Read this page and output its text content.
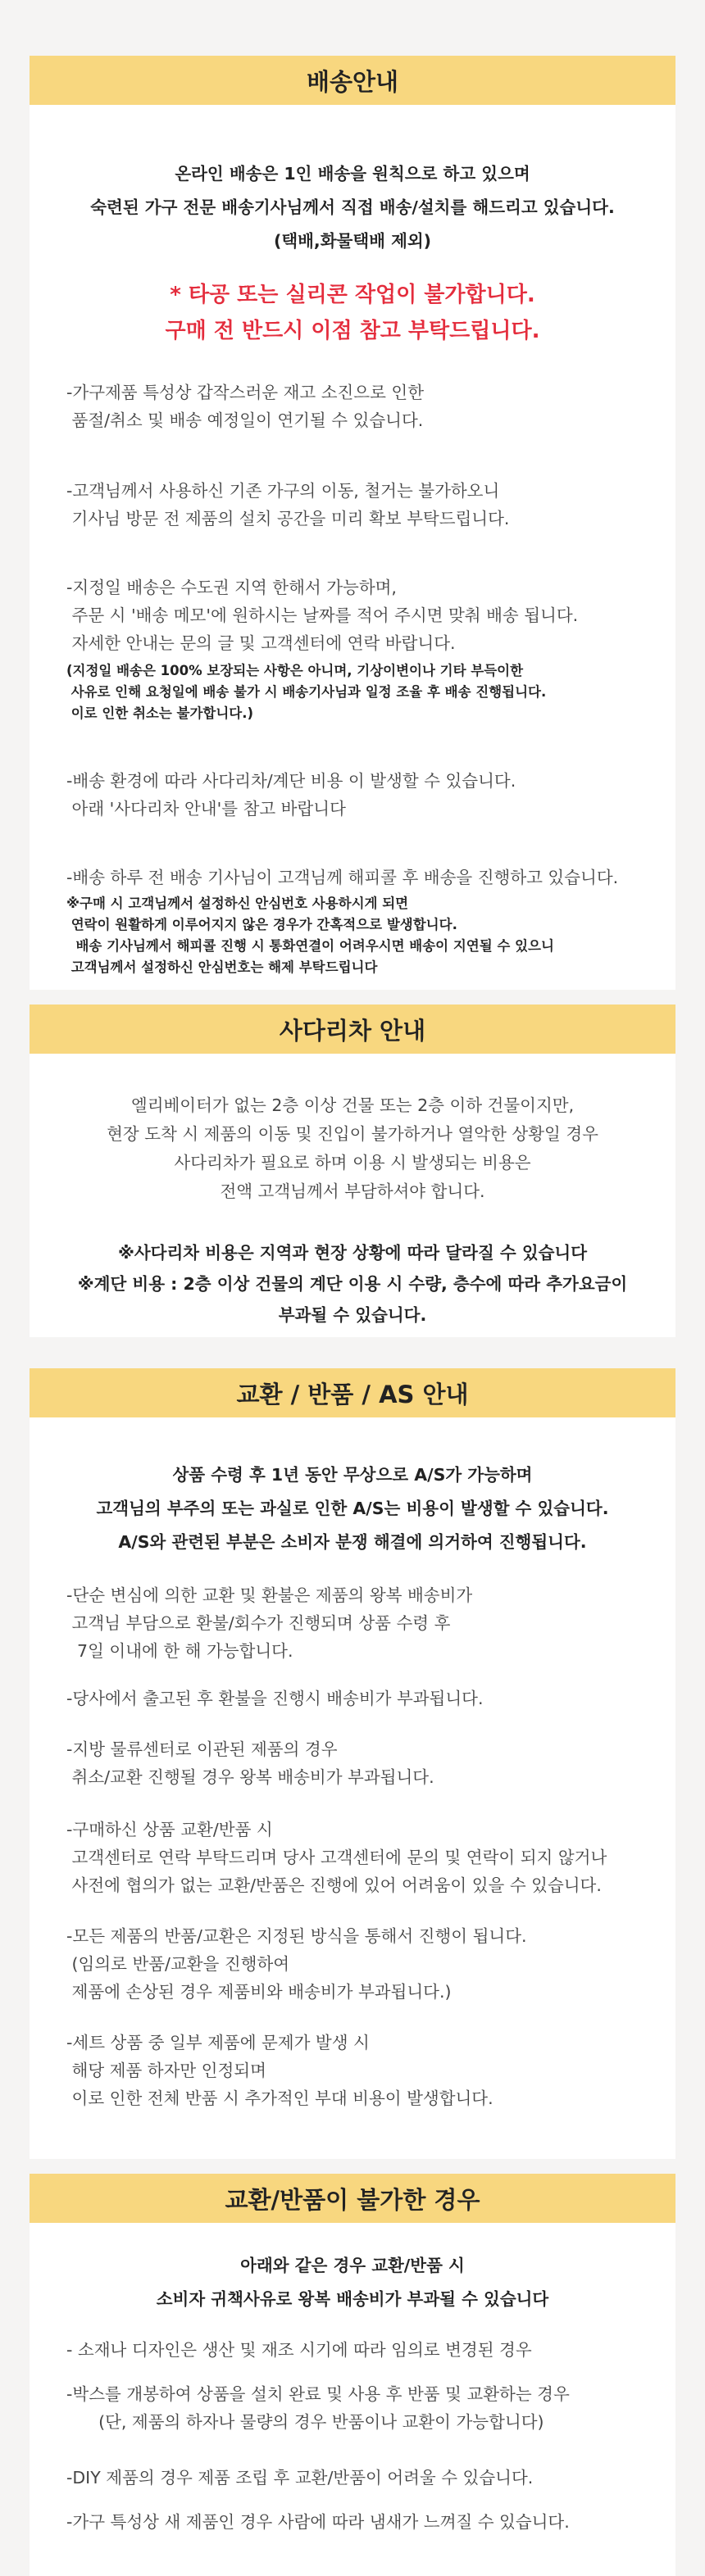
배송안내
온라인 배송은 1인 배송을 원칙으로 하고 있으며
숙련된 가구 전문 배송기사님께서 직접 배송/설치를 해드리고 있습니다.
(택배,화물택배 제외)
* 타공 또는 실리콘 작업이 불가합니다.
구매 전 반드시 이점 참고 부탁드립니다.
-가구제품 특성상 갑작스러운 재고 소진으로 인한
품절/취소 및 배송 예정일이 연기될 수 있습니다.
-고객님께서 사용하신 기존 가구의 이동, 철거는 불가하오니
기사님 방문 전 제품의 설치 공간을 미리 확보 부탁드립니다.
-지정일 배송은 수도권 지역 한해서 가능하며,
주문 시 '배송 메모'에 원하시는 날짜를 적어 주시면 맞춰 배송 됩니다.
자세한 안내는 문의 글 및 고객센터에 연락 바랍니다.
(지정일 배송은 100% 보장되는 사항은 아니며, 기상이변이나 기타 부득이한
사유로 인해 요청일에 배송 불가 시 배송기사님과 일정 조율 후 배송 진행됩니다.
이로 인한 취소는 불가합니다.)
-배송 환경에 따라 사다리차/계단 비용 이 발생할 수 있습니다.
아래 '사다리차 안내'를 참고 바랍니다
-배송 하루 전 배송 기사님이 고객님께 해피콜 후 배송을 진행하고 있습니다.
※구매 시 고객님께서 설정하신 안심번호 사용하시게 되면
연락이 원활하게 이루어지지 않은 경우가 간혹적으로 발생합니다.
배송 기사님께서 해피콜 진행 시 통화연결이 어려우시면 배송이 지연될 수 있으니
고객님께서 설정하신 안심번호는 해제 부탁드립니다
사다리차 안내
엘리베이터가 없는 2층 이상 건물 또는 2층 이하 건물이지만,
현장 도착 시 제품의 이동 및 진입이 불가하거나 열악한 상황일 경우
사다리차가 필요로 하며 이용 시 발생되는 비용은
전액 고객님께서 부담하셔야 합니다.
※사다리차 비용은 지역과 현장 상황에 따라 달라질 수 있습니다
※계단 비용 : 2층 이상 건물의 계단 이용 시 수량, 층수에 따라 추가요금이
부과될 수 있습니다.
교환 / 반품 / AS 안내
상품 수령 후 1년 동안 무상으로 A/S가 가능하며
고객님의 부주의 또는 과실로 인한 A/S는 비용이 발생할 수 있습니다.
A/S와 관련된 부분은 소비자 분쟁 해결에 의거하여 진행됩니다.
-단순 변심에 의한 교환 및 환불은 제품의 왕복 배송비가
고객님 부담으로 환불/회수가 진행되며 상품 수령 후
7일 이내에 한 해 가능합니다.
-당사에서 출고된 후 환불을 진행시 배송비가 부과됩니다.
-지방 물류센터로 이관된 제품의 경우
취소/교환 진행될 경우 왕복 배송비가 부과됩니다.
-구매하신 상품 교환/반품 시
고객센터로 연락 부탁드리며 당사 고객센터에 문의 및 연락이 되지 않거나
사전에 협의가 없는 교환/반품은 진행에 있어 어려움이 있을 수 있습니다.
-모든 제품의 반품/교환은 지정된 방식을 통해서 진행이 됩니다.
(임의로 반품/교환을 진행하여
제품에 손상된 경우 제품비와 배송비가 부과됩니다.)
-세트 상품 중 일부 제품에 문제가 발생 시
해당 제품 하자만 인정되며
이로 인한 전체 반품 시 추가적인 부대 비용이 발생합니다.
교환/반품이 불가한 경우
아래와 같은 경우 교환/반품 시
소비자 귀책사유로 왕복 배송비가 부과될 수 있습니다
- 소재나 디자인은 생산 및 재조 시기에 따라 임의로 변경된 경우
-박스를 개봉하여 상품을 설치 완료 및 사용 후 반품 및 교환하는 경우
(단, 제품의 하자나 물량의 경우 반품이나 교환이 가능합니다)
-DIY 제품의 경우 제품 조립 후 교환/반품이 어려울 수 있습니다.
-가구 특성상 새 제품인 경우 사람에 따라 냄새가 느껴질 수 있습니다.
